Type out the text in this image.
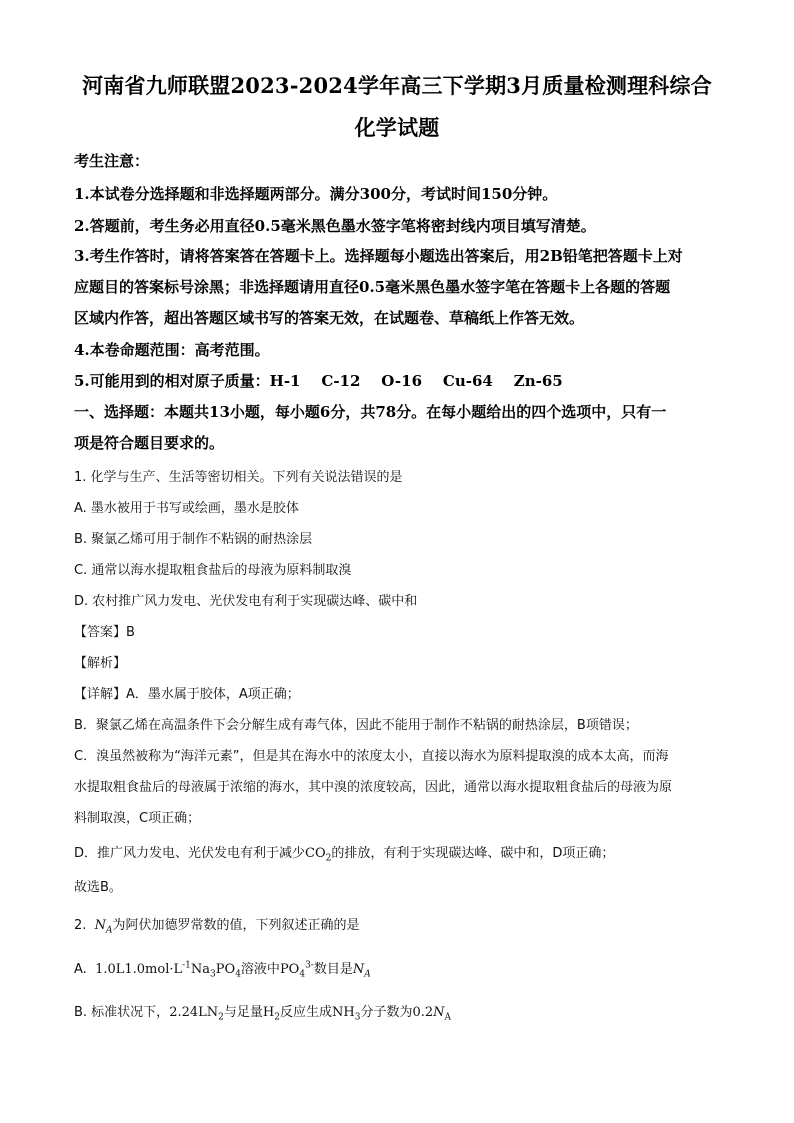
河南省九师联盟2023-2024学年高三下学期3月质量检测理科综合
化学试题
考生注意：
1.本试卷分选择题和非选择题两部分。满分300分，考试时间150分钟。
2.答题前，考生务必用直径0.5毫米黑色墨水签字笔将密封线内项目填写清楚。
3.考生作答时，请将答案答在答题卡上。选择题每小题选出答案后，用2B铅笔把答题卡上对
应题目的答案标号涂黑；非选择题请用直径0.5毫米黑色墨水签字笔在答题卡上各题的答题
区域内作答，超出答题区域书写的答案无效，在试题卷、草稿纸上作答无效。
4.本卷命题范围：高考范围。
5.可能用到的相对原子质量：H-1    C-12    O-16    Cu-64    Zn-65
一、选择题：本题共13小题，每小题6分，共78分。在每小题给出的四个选项中，只有一
项是符合题目要求的。
1. 化学与生产、生活等密切相关。下列有关说法错误的是
A. 墨水被用于书写或绘画，墨水是胶体
B. 聚氯乙烯可用于制作不粘锅的耐热涂层
C. 通常以海水提取粗食盐后的母液为原料制取溴
D. 农村推广风力发电、光伏发电有利于实现碳达峰、碳中和
【答案】B
【解析】
【详解】A．墨水属于胶体，A项正确；
B．聚氯乙烯在高温条件下会分解生成有毒气体，因此不能用于制作不粘锅的耐热涂层，B项错误；
C．溴虽然被称为“海洋元素”，但是其在海水中的浓度太小，直接以海水为原料提取溴的成本太高，而海
水提取粗食盐后的母液属于浓缩的海水，其中溴的浓度较高，因此，通常以海水提取粗食盐后的母液为原
料制取溴，C项正确；
D．推广风力发电、光伏发电有利于减少$CO_2$的排放，有利于实现碳达峰、碳中和，D项正确；
故选B。
2. $N_A$为阿伏加德罗常数的值，下列叙述正确的是
A. $1.0L1.0mol\cdot L^{-1}Na_3PO_4$溶液中$PO_4^{3-}$数目是$N_A$
B. 标准状况下，$2.24LN_2$与足量$H_2$反应生成$NH_3$分子数为$0.2N_A$
